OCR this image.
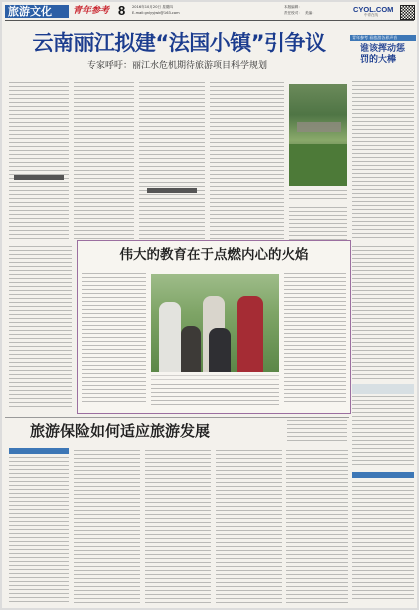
旅游文化 青年参考 8 2016年10月20日 星期四
E-mail:gnlyyjwk@163.com
本版编辑：
美编：
责任校对：	CYOL.COM
中青在线
云南丽江拟建“法国小镇”引争议
专家呼吁：丽江水危机期待旅游项目科学规划
青年参考 看旅游各界声音
谁该挥动惩罚的大棒
伟大的教育在于点燃内心的火焰
旅游保险如何适应旅游发展
